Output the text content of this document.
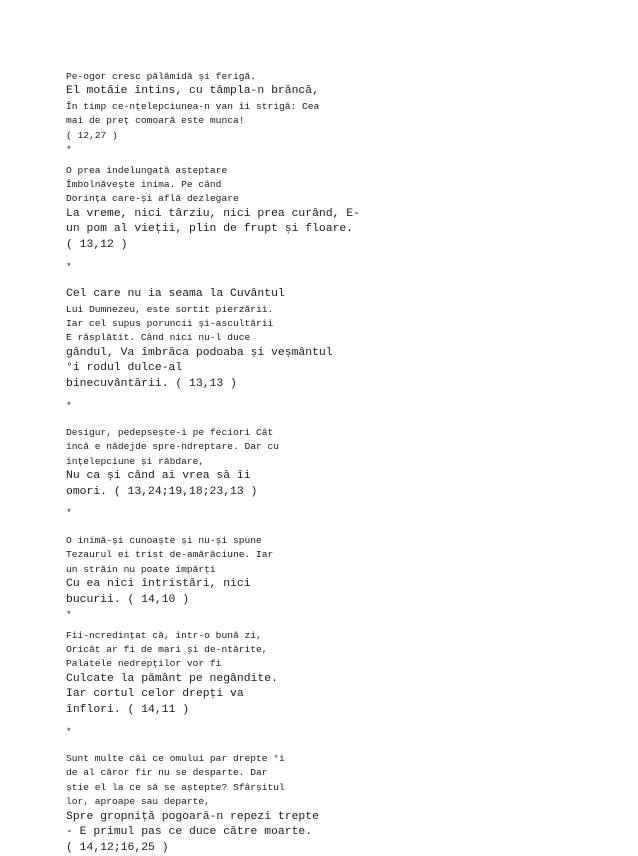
Pe-ogor cresc pălămidă și ferigă.
El motăie întins, cu tâmpla-n brâncă,
În timp ce-nțelepciunea-n van îi strigă: Cea
mai de preț comoară este munca!
( 12,27 )
*
O prea îndelungată așteptare
Îmbolnăvește inima. Pe când
Dorința care-și află dezlegare
La vreme, nici târziu, nici prea curând, E-
un pom al vieții, plin de frupt și floare.
( 13,12 )
*
Cel care nu ia seama la Cuvântul
Lui Dumnezeu, este sortit pierzării.
Iar cel supus poruncii și-ascultării
E răsplătit. Când nici nu-l duce
gândul, Va îmbrăca podoaba și veșmântul
°i rodul dulce-al
binecuvântării. ( 13,13 )
*
Desigur, pedepsește-i pe feciori Cât
încă e nădejde spre-ndreptare. Dar cu
înțelepciune și răbdare,
Nu ca și când ai vrea să îi
omori. ( 13,24;19,18;23,13 )
*
O inimă-și cunoaște și nu-și spune
Tezaurul ei trist de-amărăciune. Iar
un străin nu poate împărți
Cu ea nici întristări, nici
bucurii. ( 14,10 )
*
Fii-ncredințat că, într-o bună zi,
Oricât ar fi de mari și de-ntărite,
Palatele nedrepților vor fi
Culcate la pământ pe negândite.
Iar cortul celor drepți va
înflori. ( 14,11 )
*
Sunt multe căi ce omului par drepte °i
de al căror fir nu se desparte. Dar
știe el la ce să se aștepte? Sfârșitul
lor, aproape sau departe,
Spre gropniță pogoară-n repezi trepte
- E primul pas ce duce către moarte.
( 14,12;16,25 )
